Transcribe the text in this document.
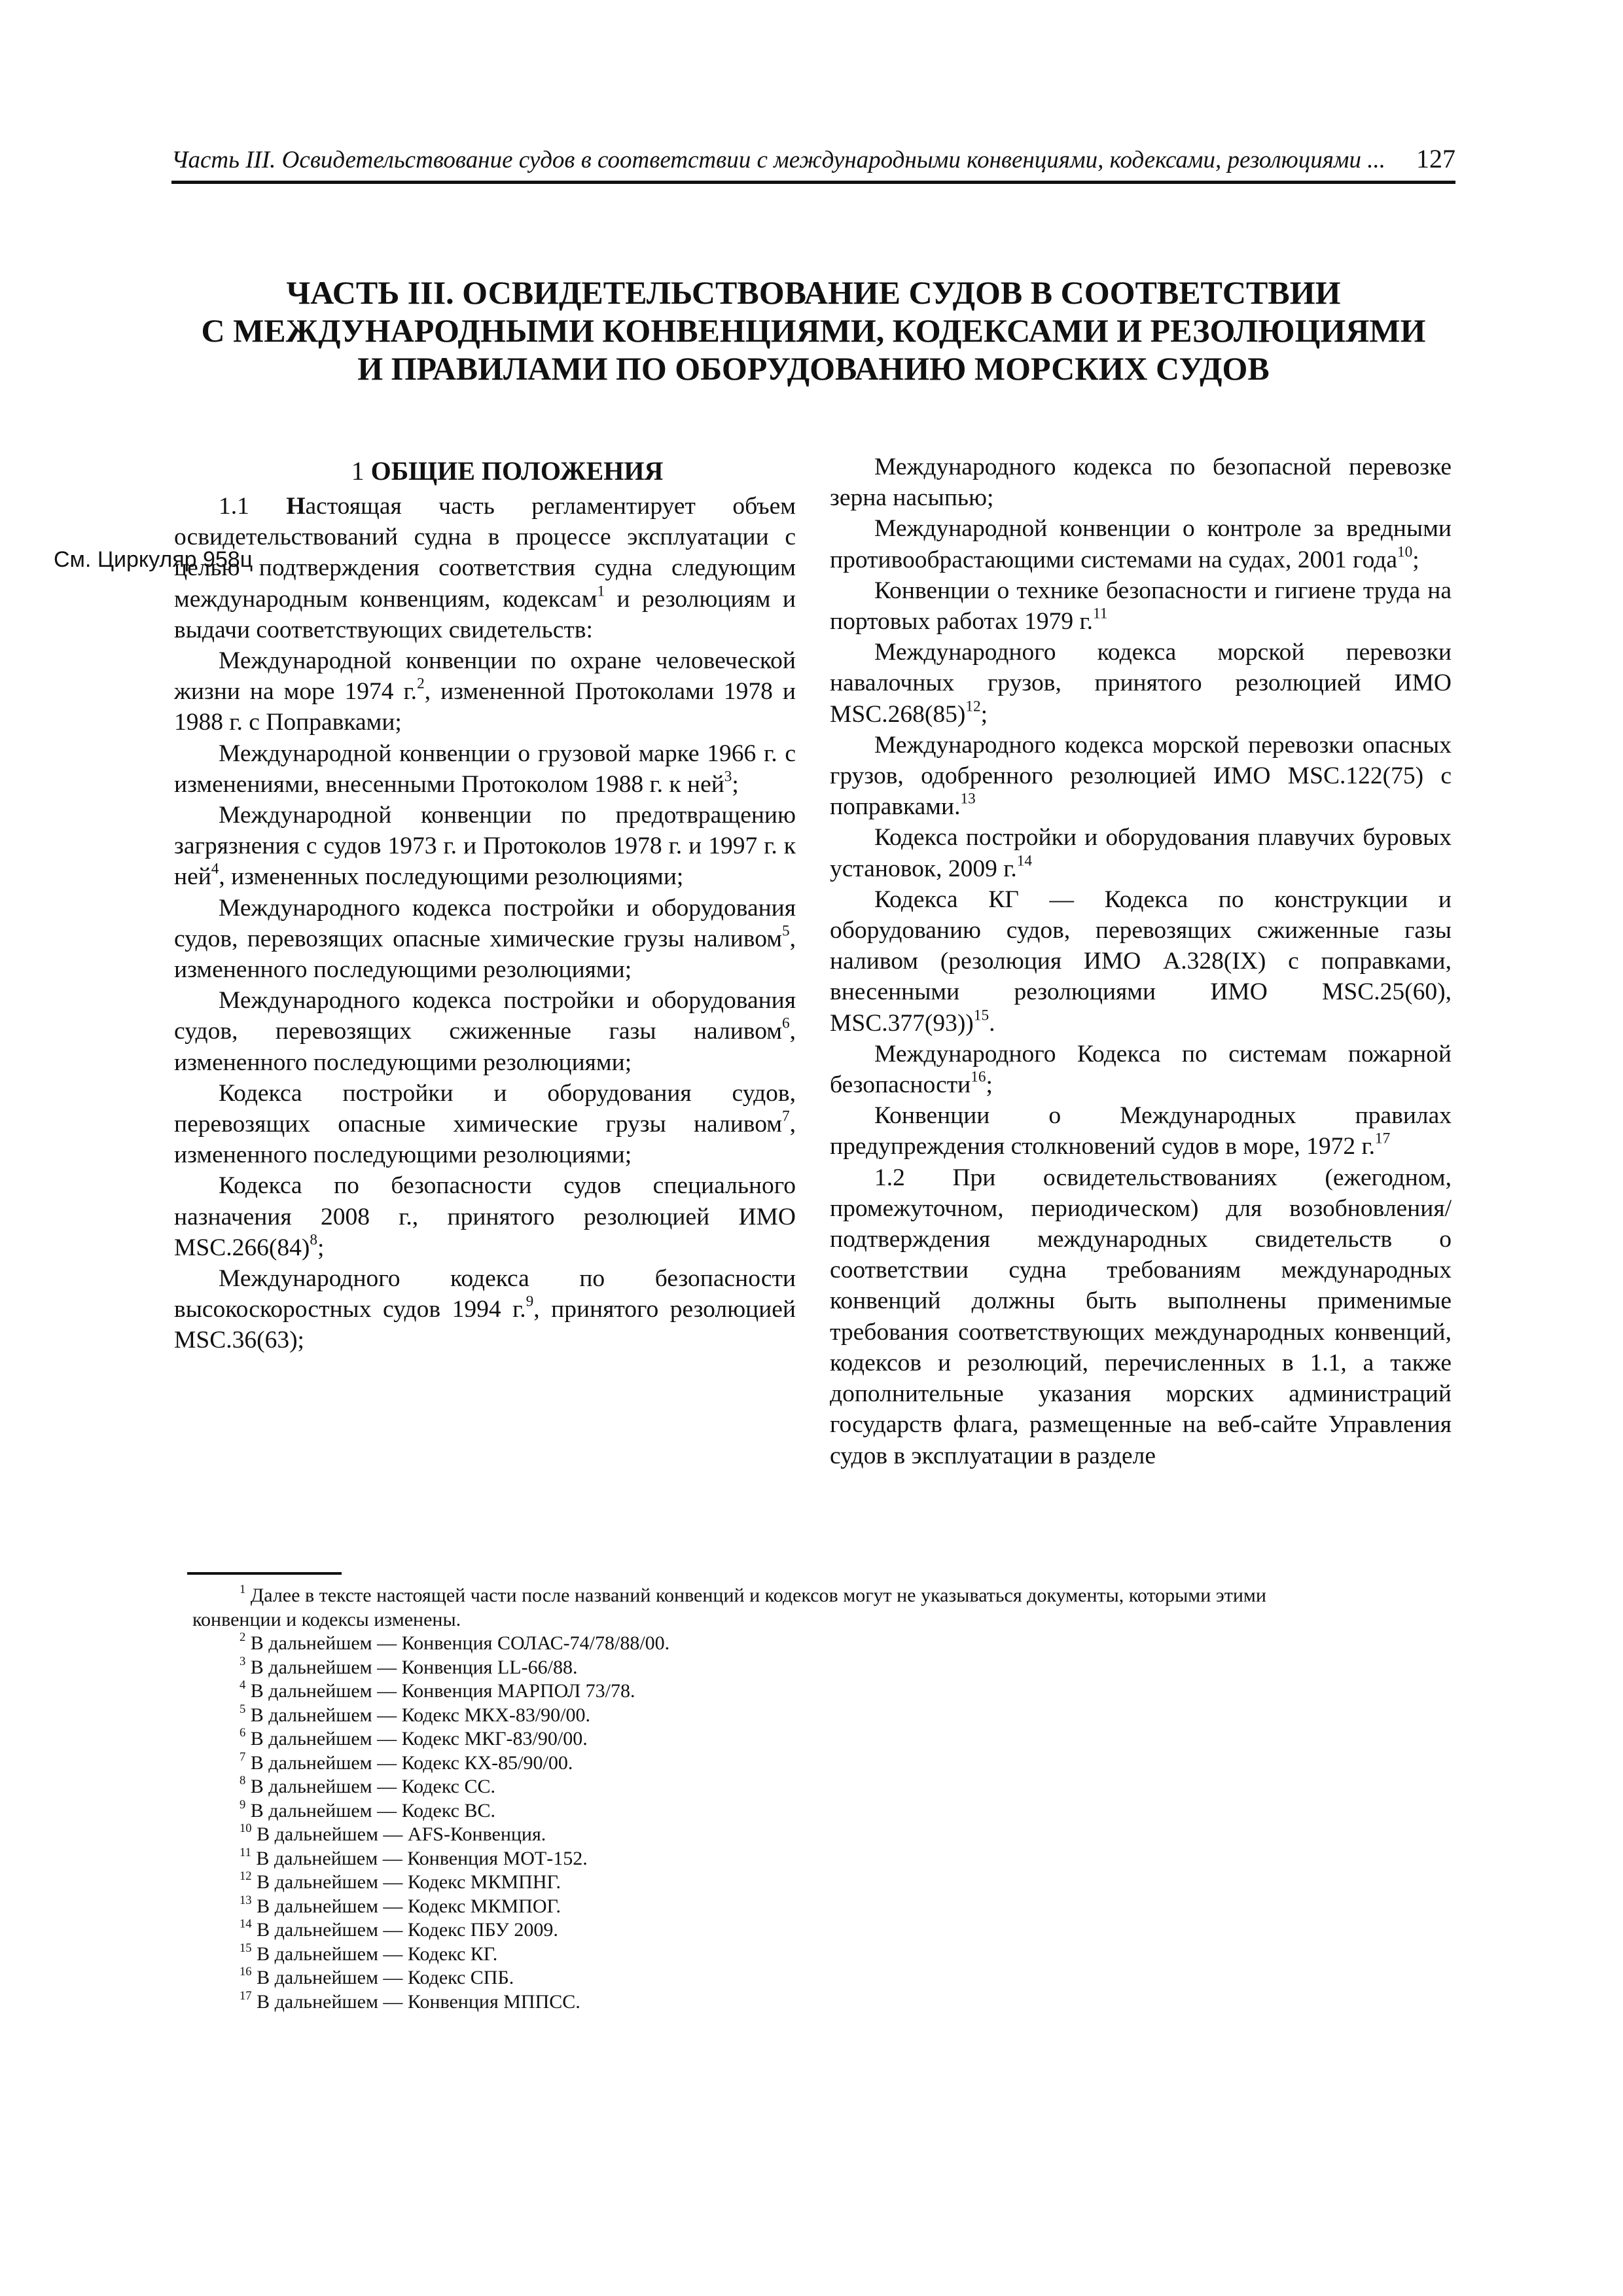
Часть III. Освидетельствование судов в соответствии с международными конвенциями, кодексами, резолюциями ... 127
ЧАСТЬ III. ОСВИДЕТЕЛЬСТВОВАНИЕ СУДОВ В СООТВЕТСТВИИ
С МЕЖДУНАРОДНЫМИ КОНВЕНЦИЯМИ, КОДЕКСАМИ И РЕЗОЛЮЦИЯМИ
И ПРАВИЛАМИ ПО ОБОРУДОВАНИЮ МОРСКИХ СУДОВ
См. Циркуляр 958ц

1 ОБЩИЕ ПОЛОЖЕНИЯ

1.1 Настоящая часть регламентирует объем освидетельствований судна в процессе эксплуатации с целью подтверждения соответствия судна следующим международным конвенциям, кодексам$^1$ и резолюциям и выдачи соответствующих свидетельств:

Международной конвенции по охране человеческой жизни на море 1974 г.$^2$, измененной Протоколами 1978 и 1988 г. с Поправками;

Международной конвенции о грузовой марке 1966 г. с изменениями, внесенными Протоколом 1988 г. к ней$^3$;

Международной конвенции по предотвращению загрязнения с судов 1973 г. и Протоколов 1978 г. и 1997 г. к ней$^4$, измененных последующими резолюциями;

Международного кодекса постройки и оборудования судов, перевозящих опасные химические грузы наливом$^5$, измененного последующими резолюциями;

Международного кодекса постройки и оборудования судов, перевозящих сжиженные газы наливом$^6$, измененного последующими резолюциями;

Кодекса постройки и оборудования судов, перевозящих опасные химические грузы наливом$^7$, измененного последующими резолюциями;

Кодекса по безопасности судов специального назначения 2008 г., принятого резолюцией ИМО $MSC.266(84)^8$;

Международного кодекса по безопасности высокоскоростных судов 1994 г.$^9$, принятого резолюцией MSC.36(63);

Международного кодекса по безопасной перевозке зерна насыпью;

Международной конвенции о контроле за вредными противообрастающими системами на судах, 2001 года$^{10}$;

Конвенции о технике безопасности и гигиене труда на портовых работах 1979 г.$^{11}$

Международного кодекса морской перевозки навалочных грузов, принятого резолюцией ИМО $MSC.268(85)^{12}$;

Международного кодекса морской перевозки опасных грузов, одобренного резолюцией ИМО MSC.122(75) с поправками.$^{13}$

Кодекса постройки и оборудования плавучих буровых установок, 2009 г.$^{14}$

Кодекса КГ — Кодекса по конструкции и оборудованию судов, перевозящих сжиженные газы наливом (резолюция ИМО A.328(IX) с поправками, внесенными резолюциями ИМО MSC.25(60), MSC.377(93))$^{15}$.

Международного Кодекса по системам пожарной безопасности$^{16}$;

Конвенции о Международных правилах предупреждения столкновений судов в море, 1972 г.$^{17}$

1.2 При освидетельствованиях (ежегодном, промежуточном, периодическом) для возобновления/подтверждения международных свидетельств о соответствии судна требованиям международных конвенций должны быть выполнены применимые требования соответствующих международных конвенций, кодексов и резолюций, перечисленных в 1.1, а также дополнительные указания морских администраций государств флага, размещенные на веб-сайте Управления судов в эксплуатации в разделе

$^1$ Далее в тексте настоящей части после названий конвенций и кодексов могут не указываться документы, которыми этими
конвенции и кодексы изменены.

$^2$ В дальнейшем — Конвенция СОЛАС-74/78/88/00.
$^3$ В дальнейшем — Конвенция LL-66/88.
$^4$ В дальнейшем — Конвенция МАРПОЛ 73/78.
$^5$ В дальнейшем — Кодекс МКХ-83/90/00.
$^6$ В дальнейшем — Кодекс МКГ-83/90/00.
$^7$ В дальнейшем — Кодекс КХ-85/90/00.
$^8$ В дальнейшем — Кодекс СС.
$^9$ В дальнейшем — Кодекс ВС.
$^{10}$ В дальнейшем — AFS-Конвенция.
$^{11}$ В дальнейшем — Конвенция МОТ-152.
$^{12}$ В дальнейшем — Кодекс МКМПНГ.
$^{13}$ В дальнейшем — Кодекс МКМПОГ.
$^{14}$ В дальнейшем — Кодекс ПБУ 2009.
$^{15}$ В дальнейшем — Кодекс КГ.
$^{16}$ В дальнейшем — Кодекс СПБ.
$^{17}$ В дальнейшем — Конвенция МППСС.
